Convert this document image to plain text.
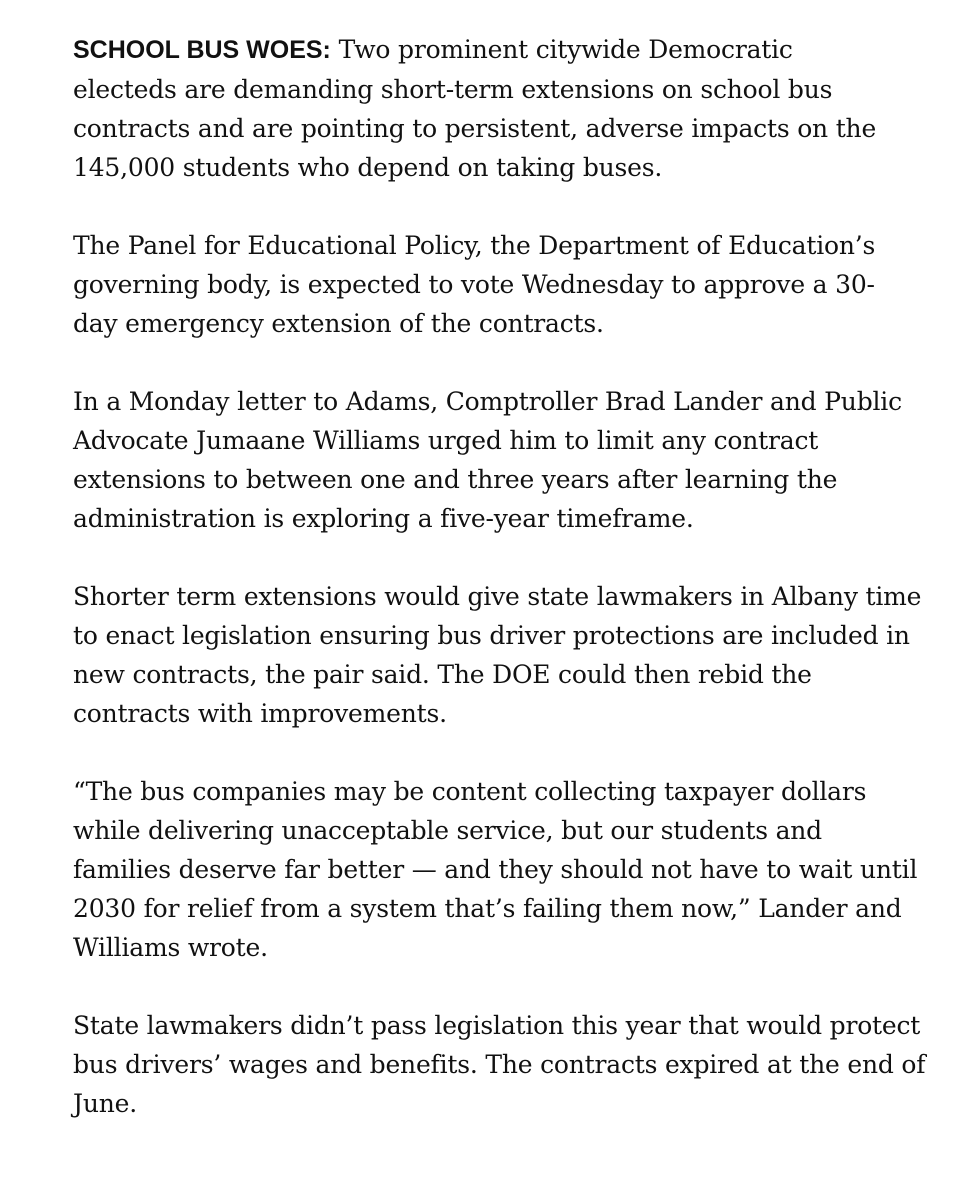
SCHOOL BUS WOES: Two prominent citywide Democratic
electeds are demanding short-term extensions on school bus
contracts and are pointing to persistent, adverse impacts on the
145,000 students who depend on taking buses.

The Panel for Educational Policy, the Department of Education’s
governing body, is expected to vote Wednesday to approve a 30-
day emergency extension of the contracts.

In a Monday letter to Adams, Comptroller Brad Lander and Public
Advocate Jumaane Williams urged him to limit any contract
extensions to between one and three years after learning the
administration is exploring a five-year timeframe.

Shorter term extensions would give state lawmakers in Albany time
to enact legislation ensuring bus driver protections are included in
new contracts, the pair said. The DOE could then rebid the
contracts with improvements.

“The bus companies may be content collecting taxpayer dollars
while delivering unacceptable service, but our students and
families deserve far better — and they should not have to wait until
2030 for relief from a system that’s failing them now,” Lander and
Williams wrote.

State lawmakers didn’t pass legislation this year that would protect
bus drivers’ wages and benefits. The contracts expired at the end of
June.
